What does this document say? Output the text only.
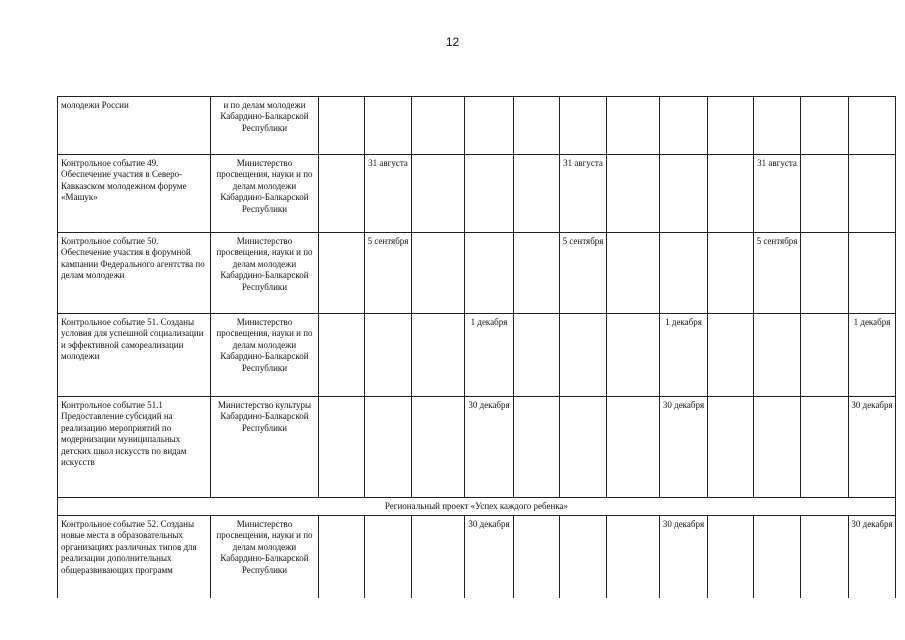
12
молодежи России	и по делам молодежи Кабардино-Балкарской Республики												
Контрольное событие 49. Обеспечение участия в Северо-Кавказском молодежном форуме «Машук»	Министерство просвещения, науки и по делам молодежи Кабардино-Балкарской Республики		31 августа				31 августа				31 августа		
Контрольное событие 50. Обеспечение участия в форумной кампании Федерального агентства по делам молодежи	Министерство просвещения, науки и по делам молодежи Кабардино-Балкарской Республики		5 сентября				5 сентября				5 сентября		
Контрольное событие 51. Созданы условия для успешной социализации и эффективной самореализации молодежи	Министерство просвещения, науки и по делам молодежи Кабардино-Балкарской Республики				1 декабря				1 декабря				1 декабря
Контрольное событие 51.1 Предоставление субсидий на реализацию мероприятий по модернизации муниципальных детских школ искусств по видам искусств	Министерство культуры Кабардино-Балкарской Республики				30 декабря				30 декабря				30 декабря
Региональный проект «Успех каждого ребенка»													
Контрольное событие 52. Созданы новые места в образовательных организациях различных типов для реализации дополнительных общеразвивающих программ	Министерство просвещения, науки и по делам молодежи Кабардино-Балкарской Республики				30 декабря				30 декабря				30 декабря
